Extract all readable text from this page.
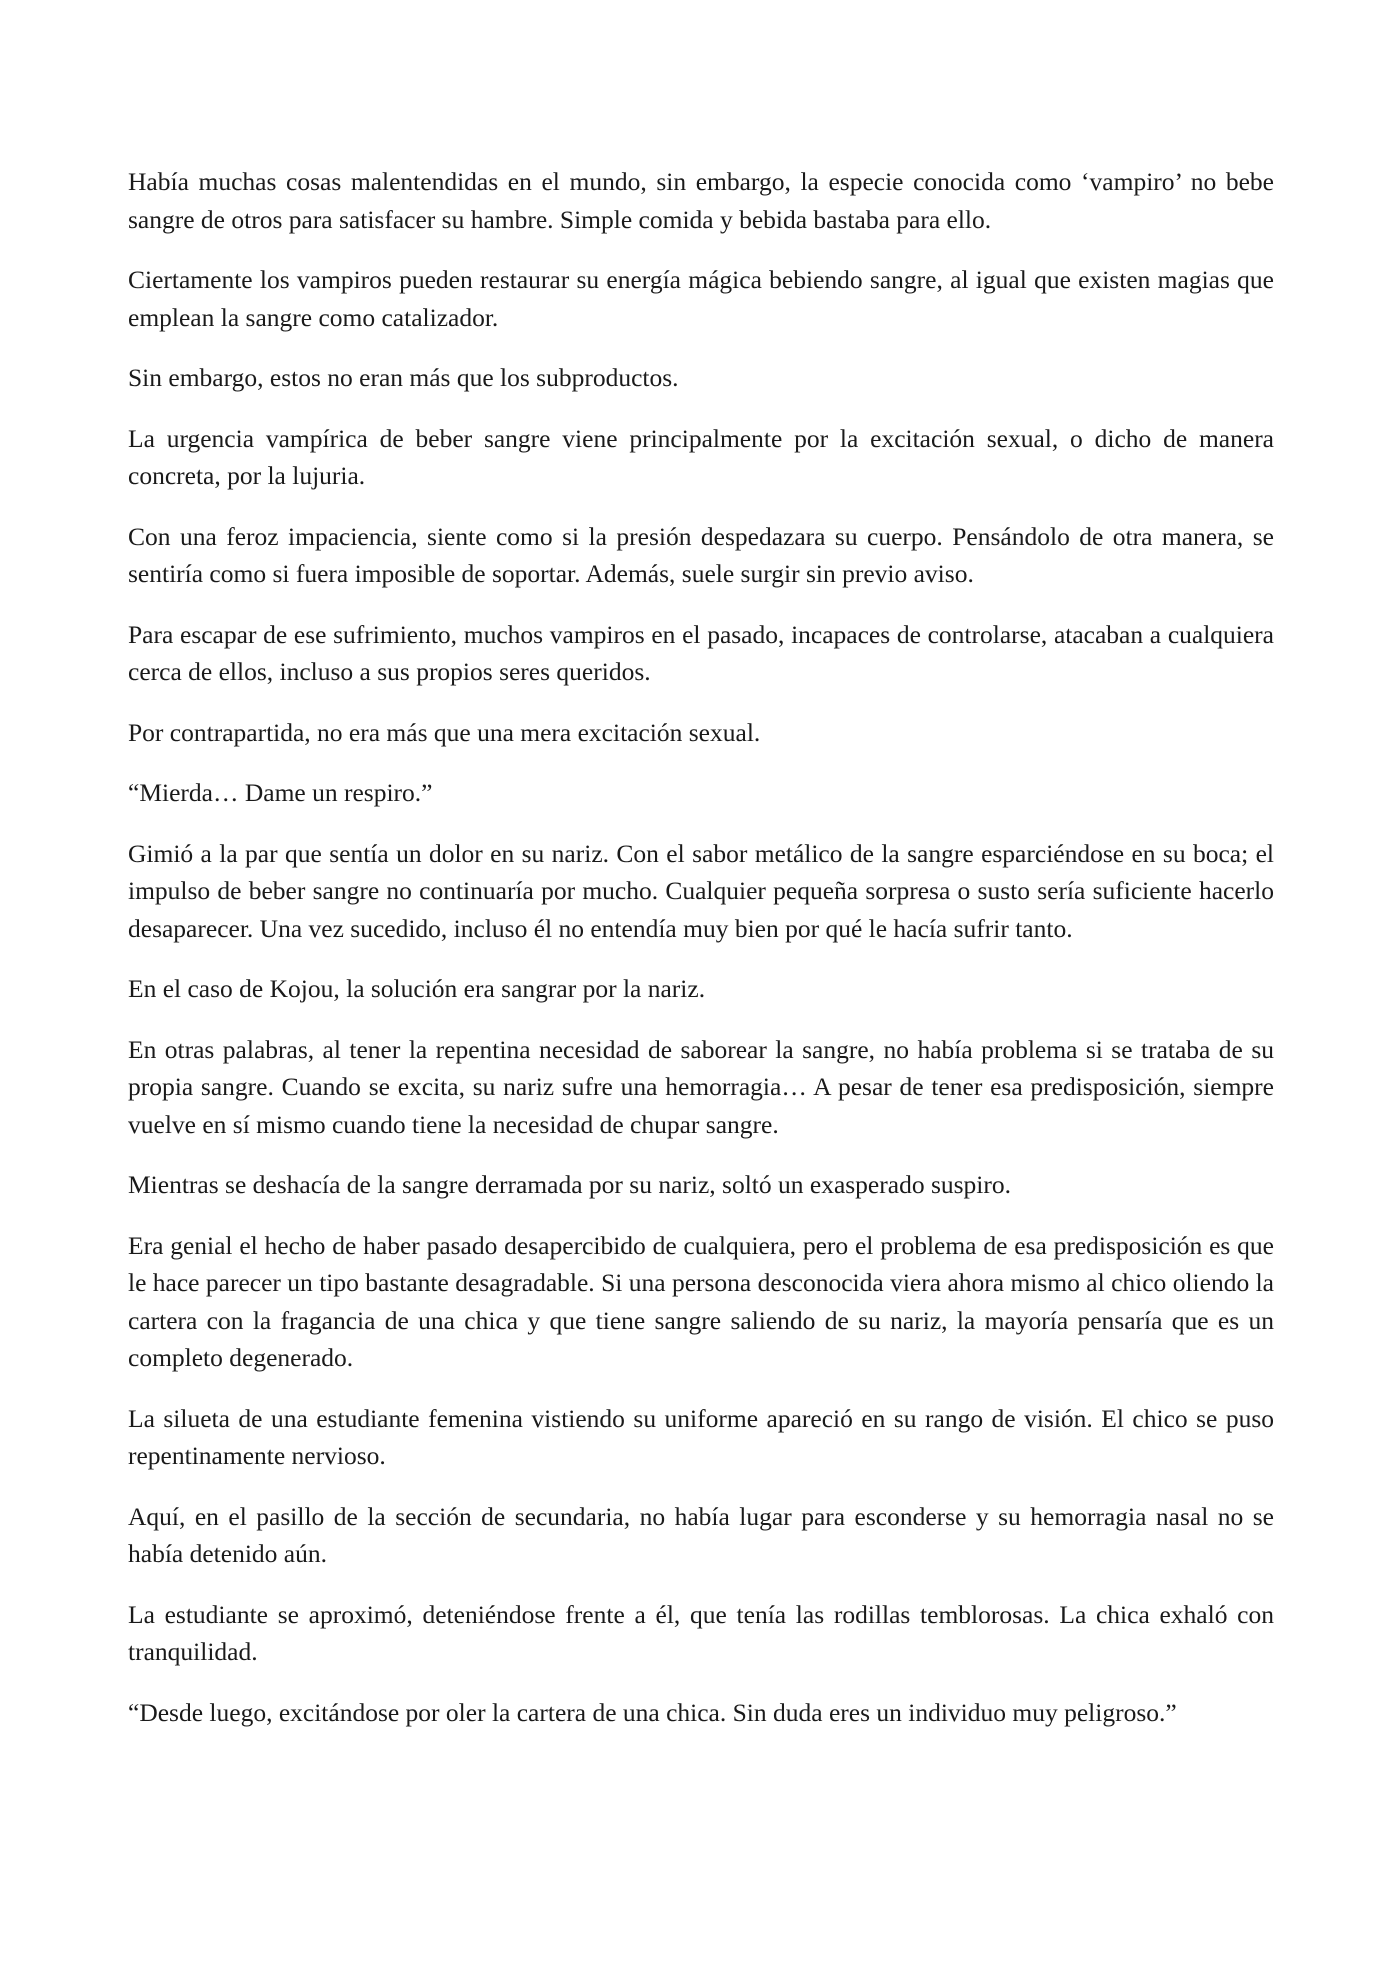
Había muchas cosas malentendidas en el mundo, sin embargo, la especie conocida como ‘vampiro’ no bebe sangre de otros para satisfacer su hambre. Simple comida y bebida bastaba para ello.

Ciertamente los vampiros pueden restaurar su energía mágica bebiendo sangre, al igual que existen magias que emplean la sangre como catalizador.

Sin embargo, estos no eran más que los subproductos.

La urgencia vampírica de beber sangre viene principalmente por la excitación sexual, o dicho de manera concreta, por la lujuria.

Con una feroz impaciencia, siente como si la presión despedazara su cuerpo. Pensándolo de otra manera, se sentiría como si fuera imposible de soportar. Además, suele surgir sin previo aviso.

Para escapar de ese sufrimiento, muchos vampiros en el pasado, incapaces de controlarse, atacaban a cualquiera cerca de ellos, incluso a sus propios seres queridos.

Por contrapartida, no era más que una mera excitación sexual.

“Mierda… Dame un respiro.”

Gimió a la par que sentía un dolor en su nariz. Con el sabor metálico de la sangre esparciéndose en su boca; el impulso de beber sangre no continuaría por mucho. Cualquier pequeña sorpresa o susto sería suficiente hacerlo desaparecer. Una vez sucedido, incluso él no entendía muy bien por qué le hacía sufrir tanto.

En el caso de Kojou, la solución era sangrar por la nariz.

En otras palabras, al tener la repentina necesidad de saborear la sangre, no había problema si se trataba de su propia sangre. Cuando se excita, su nariz sufre una hemorragia… A pesar de tener esa predisposición, siempre vuelve en sí mismo cuando tiene la necesidad de chupar sangre.

Mientras se deshacía de la sangre derramada por su nariz, soltó un exasperado suspiro.

Era genial el hecho de haber pasado desapercibido de cualquiera, pero el problema de esa predisposición es que le hace parecer un tipo bastante desagradable. Si una persona desconocida viera ahora mismo al chico oliendo la cartera con la fragancia de una chica y que tiene sangre saliendo de su nariz, la mayoría pensaría que es un completo degenerado.

La silueta de una estudiante femenina vistiendo su uniforme apareció en su rango de visión. El chico se puso repentinamente nervioso.

Aquí, en el pasillo de la sección de secundaria, no había lugar para esconderse y su hemorragia nasal no se había detenido aún.

La estudiante se aproximó, deteniéndose frente a él, que tenía las rodillas temblorosas. La chica exhaló con tranquilidad.

“Desde luego, excitándose por oler la cartera de una chica. Sin duda eres un individuo muy peligroso.”
